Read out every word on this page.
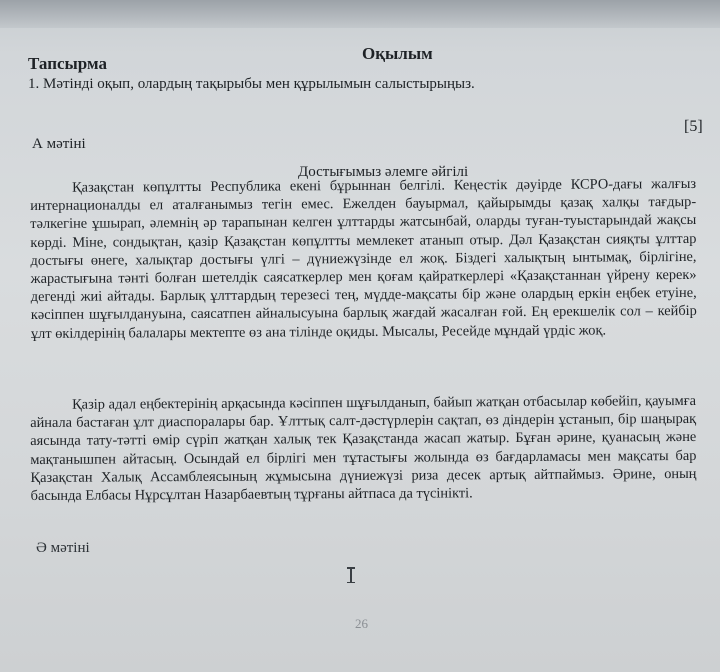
Оқылым
Тапсырма
1. Мәтінді оқып, олардың тақырыбы мен құрылымын салыстырыңыз.
[5]
А мәтіні
Достығымыз әлемге әйгілі
Қазақстан көпұлтты Республика екені бұрыннан белгілі. Кеңестік дәуірде КСРО-дағы жалғыз интернационалды ел аталғанымыз тегін емес. Ежелден бауырмал, қайырымды қазақ халқы тағдыр-тәлкегіне ұшырап, әлемнің әр тарапынан келген ұлттарды жатсынбай, оларды туған-туыстарындай жақсы көрді. Міне, сондықтан, қазір Қазақстан көпұлтты мемлекет атанып отыр. Дәл Қазақстан сияқты ұлттар достығы өнеге, халықтар достығы үлгі – дүниежүзінде ел жоқ. Біздегі халықтың ынтымақ, бірлігіне, жарастығына тәнті болған шетелдік саясаткерлер мен қоғам қайраткерлері «Қазақстаннан үйрену керек» дегенді жиі айтады. Барлық ұлттардың терезесі тең, мүдде-мақсаты бір және олардың еркін еңбек етуіне, кәсіппен шұғылдануына, саясатпен айналысуына барлық жағдай жасалған ғой. Ең ерекшелік сол – кейбір ұлт өкілдерінің балалары мектепте өз ана тілінде оқиды. Мысалы, Ресейде мұндай үрдіс жоқ.
Қазір адал еңбектерінің арқасында кәсіппен шұғылданып, байып жатқан отбасылар көбейіп, қауымға айнала бастаған ұлт диаспоралары бар. Ұлттық салт-дәстүрлерін сақтап, өз діндерін ұстанып, бір шаңырақ аясында тату-тәтті өмір сүріп жатқан халық тек Қазақстанда жасап жатыр. Бұған әрине, қуанасың және мақтанышпен айтасың. Осындай ел бірлігі мен тұтастығы жолында өз бағдарламасы мен мақсаты бар Қазақстан Халық Ассамблеясының жұмысына дүниежүзі риза десек артық айтпаймыз. Әрине, оның басында Елбасы Нұрсұлтан Назарбаевтың тұрғаны айтпаса да түсінікті.
Ә мәтіні
26
